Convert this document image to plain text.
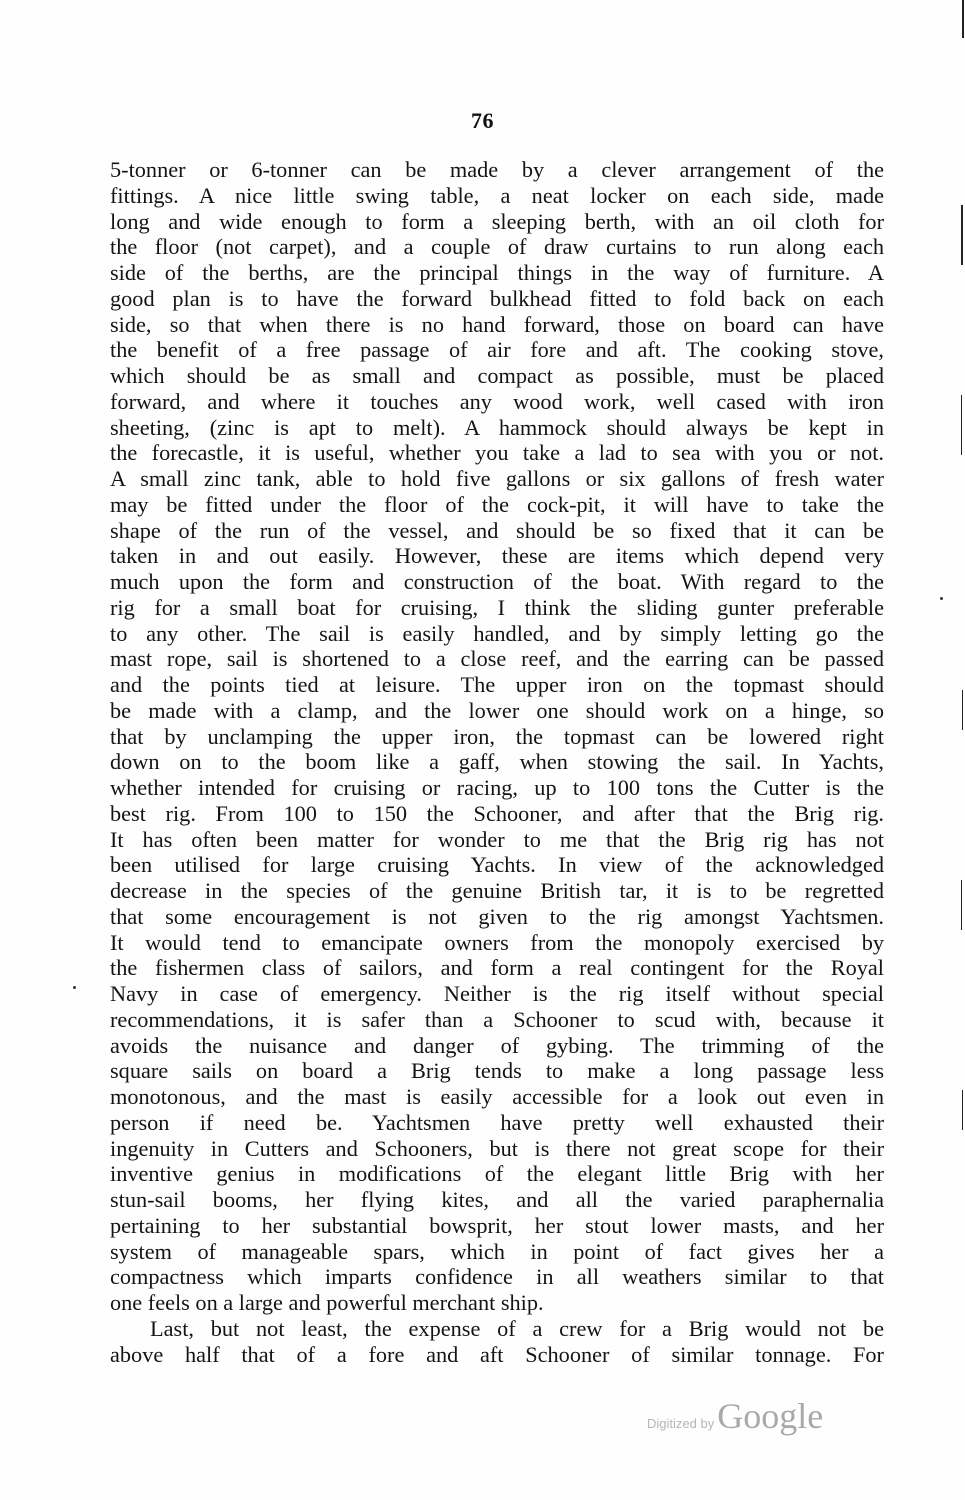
76
5-tonner or 6-tonner can be made by a clever arrangement of the
fittings. A nice little swing table, a neat locker on each side, made
long and wide enough to form a sleeping berth, with an oil cloth for
the floor (not carpet), and a couple of draw curtains to run along each
side of the berths, are the principal things in the way of furniture. A
good plan is to have the forward bulkhead fitted to fold back on each
side, so that when there is no hand forward, those on board can have
the benefit of a free passage of air fore and aft. The cooking stove,
which should be as small and compact as possible, must be placed
forward, and where it touches any wood work, well cased with iron
sheeting, (zinc is apt to melt). A hammock should always be kept in
the forecastle, it is useful, whether you take a lad to sea with you or not.
A small zinc tank, able to hold five gallons or six gallons of fresh water
may be fitted under the floor of the cock-pit, it will have to take the
shape of the run of the vessel, and should be so fixed that it can be
taken in and out easily. However, these are items which depend very
much upon the form and construction of the boat. With regard to the
rig for a small boat for cruising, I think the sliding gunter preferable
to any other. The sail is easily handled, and by simply letting go the
mast rope, sail is shortened to a close reef, and the earring can be passed
and the points tied at leisure. The upper iron on the topmast should
be made with a clamp, and the lower one should work on a hinge, so
that by unclamping the upper iron, the topmast can be lowered right
down on to the boom like a gaff, when stowing the sail. In Yachts,
whether intended for cruising or racing, up to 100 tons the Cutter is the
best rig. From 100 to 150 the Schooner, and after that the Brig rig.
It has often been matter for wonder to me that the Brig rig has not
been utilised for large cruising Yachts. In view of the acknowledged
decrease in the species of the genuine British tar, it is to be regretted
that some encouragement is not given to the rig amongst Yachtsmen.
It would tend to emancipate owners from the monopoly exercised by
the fishermen class of sailors, and form a real contingent for the Royal
Navy in case of emergency. Neither is the rig itself without special
recommendations, it is safer than a Schooner to scud with, because it
avoids the nuisance and danger of gybing. The trimming of the
square sails on board a Brig tends to make a long passage less
monotonous, and the mast is easily accessible for a look out even in
person if need be. Yachtsmen have pretty well exhausted their
ingenuity in Cutters and Schooners, but is there not great scope for their
inventive genius in modifications of the elegant little Brig with her
stun-sail booms, her flying kites, and all the varied paraphernalia
pertaining to her substantial bowsprit, her stout lower masts, and her
system of manageable spars, which in point of fact gives her a
compactness which imparts confidence in all weathers similar to that
one feels on a large and powerful merchant ship.
Last, but not least, the expense of a crew for a Brig would not be
above half that of a fore and aft Schooner of similar tonnage. For
Digitized by Google
